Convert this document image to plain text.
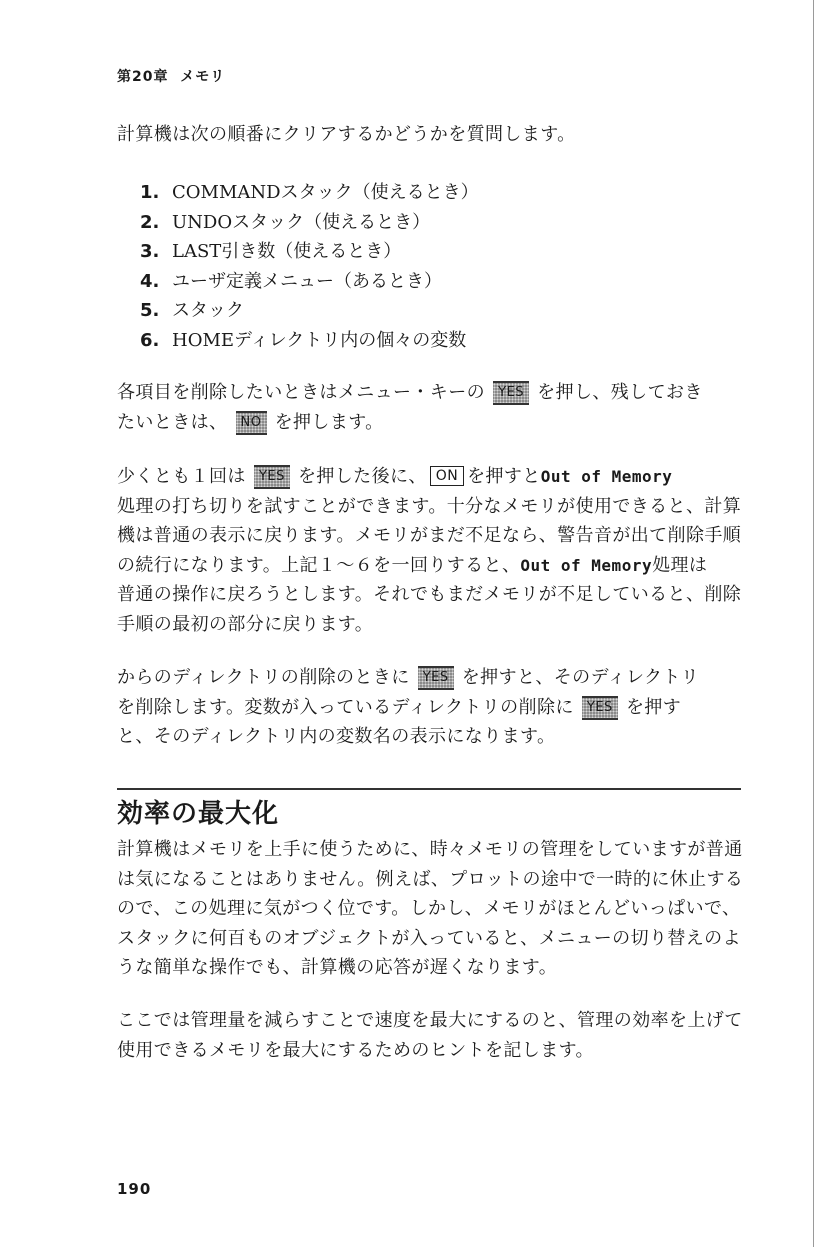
第20章 メモリ
計算機は次の順番にクリアするかどうかを質問します。
1. COMMANDスタック（使えるとき）
2. UNDOスタック（使えるとき）
3. LAST引き数（使えるとき）
4. ユーザ定義メニュー（あるとき）
5. スタック
6. HOMEディレクトリ内の個々の変数
各項目を削除したいときはメニュー・キーの YES を押し、残しておき
たいときは、 NO を押します。
少くとも１回は YES を押した後に、 ON を押すとOut of Memory
処理の打ち切りを試すことができます。十分なメモリが使用できると、計算
機は普通の表示に戻ります。メモリがまだ不足なら、警告音が出て削除手順
の続行になります。上記１～６を一回りすると、Out of Memory処理は
普通の操作に戻ろうとします。それでもまだメモリが不足していると、削除
手順の最初の部分に戻ります。
からのディレクトリの削除のときに YES を押すと、そのディレクトリ
を削除します。変数が入っているディレクトリの削除に YES を押す
と、そのディレクトリ内の変数名の表示になります。
効率の最大化
計算機はメモリを上手に使うために、時々メモリの管理をしていますが普通
は気になることはありません。例えば、プロットの途中で一時的に休止する
ので、この処理に気がつく位です。しかし、メモリがほとんどいっぱいで、
スタックに何百ものオブジェクトが入っていると、メニューの切り替えのよ
うな簡単な操作でも、計算機の応答が遅くなります。
ここでは管理量を減らすことで速度を最大にするのと、管理の効率を上げて
使用できるメモリを最大にするためのヒントを記します。
190
